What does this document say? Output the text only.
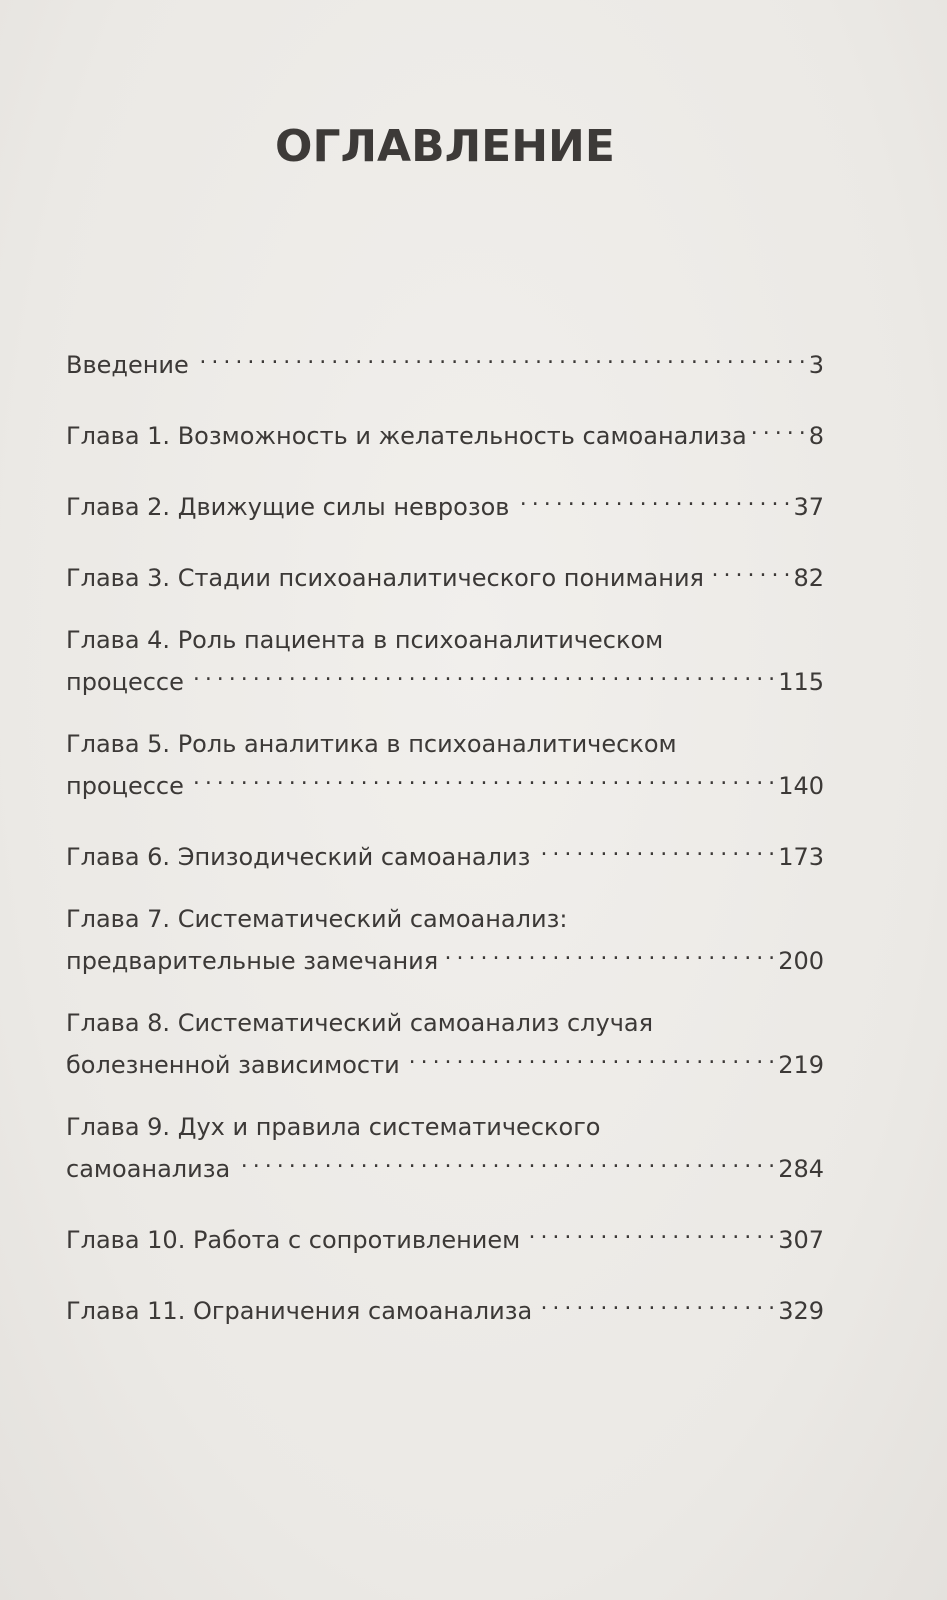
ОГЛАВЛЕНИЕ
Введение . . .	3
Глава 1. Возможность и желательность самоанализа . . .	8
Глава 2. Движущие силы неврозов . . .	37
Глава 3. Стадии психоаналитического понимания . . .	82
Глава 4. Роль пациента в психоаналитическом
процессе . . .	115
Глава 5. Роль аналитика в психоаналитическом
процессе . . .	140
Глава 6. Эпизодический самоанализ . . .	173
Глава 7. Систематический самоанализ:
предварительные замечания . . .	200
Глава 8. Систематический самоанализ случая
болезненной зависимости . . .	219
Глава 9. Дух и правила систематического
самоанализа . . .	284
Глава 10. Работа с сопротивлением . . .	307
Глава 11. Ограничения самоанализа . . .	329
